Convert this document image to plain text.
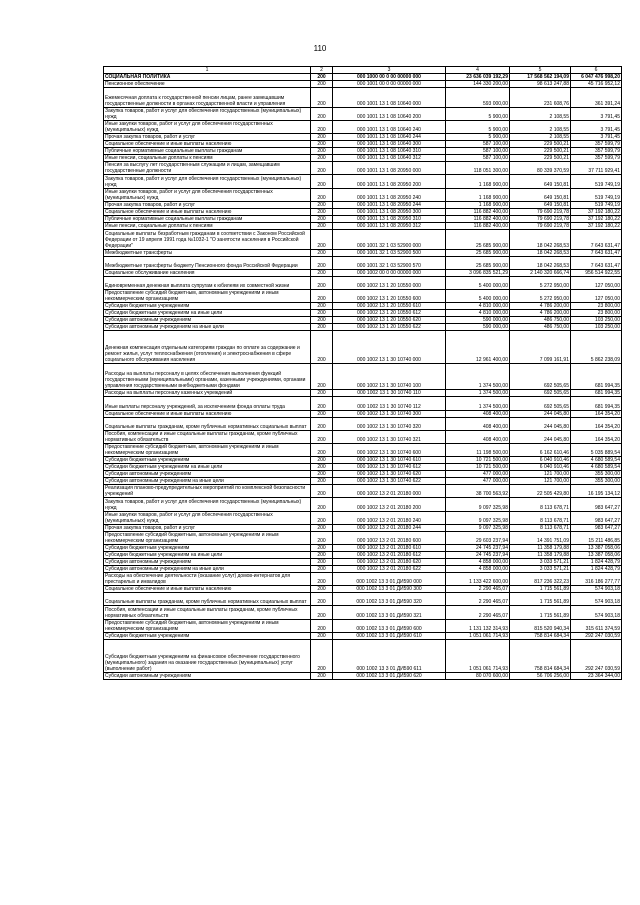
110
1	2	3	4	5	6
СОЦИАЛЬНАЯ ПОЛИТИКА	200	000 1000 00 0 00 00000 000	23 636 039 192,29	17 568 562 194,09	6 047 476 998,20
Пенсионное обеспечение	200	000 1001 00 0 00 00000 000	144 330 200,00	98 613 247,88	45 716 952,12
Ежемесячная доплата к государственной пенсии лицам, ранее замещавшим государственные должности в органах государственной власти и управления	200	000 1001 13 1 08 10640 000	593 000,00	231 608,76	361 391,24
Закупка товаров, работ и услуг для обеспечения государственных (муниципальных) нужд	200	000 1001 13 1 08 10640 200	5 900,00	2 108,55	3 791,45
Иные закупки товаров, работ и услуг для обеспечения государственных (муниципальных) нужд	200	000 1001 13 1 08 10640 240	5 900,00	2 108,55	3 791,45
Прочая закупка товаров, работ и услуг	200	000 1001 13 1 08 10640 244	5 900,00	2 108,55	3 791,45
Социальное обеспечение и иные выплаты населению	200	000 1001 13 1 08 10640 300	587 100,00	229 500,21	357 599,79
Публичные нормативные социальные выплаты гражданам	200	000 1001 13 1 08 10640 310	587 100,00	229 500,21	357 599,79
Иные пенсии, социальные доплаты к пенсиям	200	000 1001 13 1 08 10640 312	587 100,00	229 500,21	357 599,79
Пенсия за выслугу лет государственным служащим и лицам, замещавшим государственные должности	200	000 1001 13 1 08 20950 000	118 051 300,00	80 339 370,59	37 711 929,41
Закупка товаров, работ и услуг для обеспечения государственных (муниципальных) нужд	200	000 1001 13 1 08 20950 200	1 168 900,00	649 150,81	519 749,19
Иные закупки товаров, работ и услуг для обеспечения государственных (муниципальных) нужд	200	000 1001 13 1 08 20950 240	1 168 900,00	649 150,81	519 749,19
Прочая закупка товаров, работ и услуг	200	000 1001 13 1 08 20950 244	1 168 900,00	649 150,81	519 749,19
Социальное обеспечение и иные выплаты населению	200	000 1001 13 1 08 20950 300	116 882 400,00	79 690 219,78	37 192 180,22
Публичные нормативные социальные выплаты гражданам	200	000 1001 13 1 08 20950 310	116 882 400,00	79 690 219,78	37 192 180,22
Иные пенсии, социальные доплаты к пенсиям	200	000 1001 13 1 08 20950 312	116 882 400,00	79 690 219,78	37 192 180,22
Социальные выплаты безработным гражданам в соответствии с Законом Российской Федерации от 19 апреля 1991 года №1032-1 "О занятости населения в Российской Федерации"	200	000 1001 32 1 03 52900 000	25 685 900,00	18 042 268,53	7 643 631,47
Межбюджетные трансферты	200	000 1001 32 1 03 52900 500	25 685 900,00	18 042 268,53	7 643 631,47
Межбюджетные трансферты бюджету Пенсионного фонда Российской Федерации	200	000 1001 32 1 03 52900 570	25 685 900,00	18 042 268,53	7 643 631,47
Социальное обслуживание населения	200	000 1002 00 0 00 00000 000	3 096 835 521,29	2 140 320 666,74	956 514 922,55
Единовременная денежная выплата супругам к юбилеям их совместной жизни	200	000 1002 13 1 20 10550 000	5 400 000,00	5 272 950,00	127 050,00
Предоставление субсидий бюджетным, автономным учреждениям и иным некоммерческим организациям	200	000 1002 13 1 20 10550 600	5 400 000,00	5 272 950,00	127 050,00
Субсидии бюджетным учреждениям	200	000 1002 13 1 20 10550 610	4 810 000,00	4 786 200,00	23 800,00
Субсидии бюджетным учреждениям на иные цели	200	000 1002 13 1 20 10550 612	4 810 000,00	4 786 200,00	23 800,00
Субсидии автономным учреждениям	200	000 1002 13 1 20 10550 620	590 000,00	486 750,00	103 250,00
Субсидии автономным учреждениям на иные цели	200	000 1002 13 1 20 10550 622	590 000,00	486 750,00	103 250,00
Денежная компенсация отдельным категориям граждан по оплате за содержание и ремонт жилья, услуг теплоснабжения (отопления) и электроснабжения в сфере социального обслуживания населения	200	000 1002 13 1 30 10740 000	12 961 400,00	7 099 161,91	5 862 238,09
Расходы на выплаты персоналу в целях обеспечения выполнения функций государственными (муниципальными) органами, казенными учреждениями, органами управления государственными внебюджетными фондами	200	000 1002 13 1 30 10740 100	1 374 500,00	692 505,65	681 994,35
Расходы на выплаты персоналу казенных учреждений	200	000 1002 13 1 30 10740 110	1 374 500,00	692 505,65	681 994,35
Иные выплаты персоналу учреждений, за исключением фонда оплаты труда	200	000 1002 13 1 30 10740 112	1 374 500,00	692 505,65	681 994,35
Социальное обеспечение и иные выплаты населению	200	000 1002 13 1 30 10740 300	408 400,00	244 045,80	164 354,20
Социальные выплаты гражданам, кроме публичных нормативных социальных выплат	200	000 1002 13 1 30 10740 320	408 400,00	244 045,80	164 354,20
Пособия, компенсации и иные социальные выплаты гражданам, кроме публичных нормативных обязательств	200	000 1002 13 1 30 10740 321	408 400,00	244 045,80	164 354,20
Предоставление субсидий бюджетным, автономным учреждениям и иным некоммерческим организациям	200	000 1002 13 1 30 10740 600	11 198 500,00	6 162 610,46	5 035 889,54
Субсидии бюджетным учреждениям	200	000 1002 13 1 30 10740 610	10 721 500,00	6 040 910,46	4 680 589,54
Субсидии бюджетным учреждениям на иные цели	200	000 1002 13 1 30 10740 612	10 721 500,00	6 040 910,46	4 680 589,54
Субсидии автономным учреждениям	200	000 1002 13 1 30 10740 620	477 000,00	121 700,00	355 300,00
Субсидии автономным учреждениям на иные цели	200	000 1002 13 1 30 10740 622	477 000,00	121 700,00	355 300,00
Реализация планово-предупредительных мероприятий по комплексной безопасности учреждений	200	000 1002 13 2 01 20180 000	38 700 563,92	22 505 429,80	16 195 134,12
Закупка товаров, работ и услуг для обеспечения государственных (муниципальных) нужд	200	000 1002 13 2 01 20180 200	9 097 325,98	8 113 678,71	983 647,27
Иные закупки товаров, работ и услуг для обеспечения государственных (муниципальных) нужд	200	000 1002 13 2 01 20180 240	9 097 325,98	8 113 678,71	983 647,27
Прочая закупка товаров, работ и услуг	200	000 1002 13 2 01 20180 244	9 097 325,98	8 113 678,71	983 647,27
Предоставление субсидий бюджетным, автономным учреждениям и иным некоммерческим организациям	200	000 1002 13 2 01 20180 600	29 603 237,94	14 391 751,09	15 211 486,85
Субсидии бюджетным учреждениям	200	000 1002 13 2 01 20180 610	24 745 237,94	11 358 179,88	13 387 058,06
Субсидии бюджетным учреждениям на иные цели	200	000 1002 13 2 01 20180 612	24 745 237,94	11 358 179,88	13 387 058,06
Субсидии автономным учреждениям	200	000 1002 13 2 01 20180 620	4 858 000,00	3 033 571,21	1 824 428,79
Субсидии автономным учреждениям на иные цели	200	000 1002 13 2 01 20180 622	4 858 000,00	3 033 571,21	1 824 428,79
Расходы на обеспечение деятельности (оказание услуг) домов-интернатов для престарелых и инвалидов	200	000 1002 13 3 01 ДИ590 000	1 133 422 600,00	817 236 322,23	316 186 277,77
Социальное обеспечение и иные выплаты населению	200	000 1002 13 3 01 ДИ590 300	2 290 465,07	1 715 561,89	574 903,18
Социальные выплаты гражданам, кроме публичных нормативных социальных выплат	200	000 1002 13 3 01 ДИ590 320	2 290 465,07	1 715 561,89	574 903,18
Пособия, компенсации и иные социальные выплаты гражданам, кроме публичных нормативных обязательств	200	000 1002 13 3 01 ДИ590 321	2 290 465,07	1 715 561,89	574 903,18
Предоставление субсидий бюджетным, автономным учреждениям и иным некоммерческим организациям	200	000 1002 13 3 01 ДИ590 600	1 131 132 314,93	815 520 940,34	315 611 374,59
Субсидии бюджетным учреждениям	200	000 1002 13 3 01 ДИ590 610	1 051 061 714,93	758 814 684,34	292 247 030,59
Субсидии бюджетным учреждениям на финансовое обеспечение государственного (муниципального) задания на оказание государственных (муниципальных) услуг (выполнение работ)	200	000 1002 13 3 01 ДИ590 611	1 051 061 714,93	758 814 684,34	292 247 030,59
Субсидии автономным учреждениям	200	000 1002 13 3 01 ДИ590 620	80 070 600,00	56 706 256,00	23 364 344,00
